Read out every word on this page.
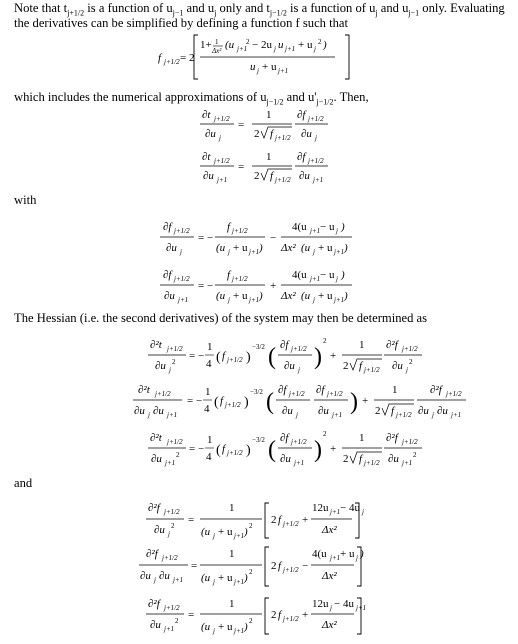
Note that $t_{j+1/2}$ is a function of $u_{j-1}$ and $u_j$ only and $t_{j-1/2}$ is a function of $u_j$ and $u_{j-1}$ only. Evaluating
the derivatives can be simplified by defining a function f such that
f j+1/2 = 2
1+ 1
Δx² (u j+1
2 − 2u j u j+1 + u j
2 )
u j + u j+1
which includes the numerical approximations of $u_{j-1/2}$ and $u'_{j-1/2}$. Then,
∂t j+1/2
∂u j
=
1
2 f j+1/2
∂f j+1/2
∂u j
∂t j+1/2
∂u j+1
=
1
2 f j+1/2
∂f j+1/2
∂u j+1
with
∂f j+1/2
∂u j
= −
f j+1/2
(u j + u j+1 )
−
4(u j+1 − u j )
Δx² (u j + u j+1 )
∂f j+1/2
∂u j+1
= −
f j+1/2
(u j + u j+1 )
+
4(u j+1 − u j )
Δx² (u j + u j+1 )
The Hessian (i.e. the second derivatives) of the system may then be determined as
∂²t j+1/2
∂u j
2 = −
1
4 ( f j+1/2 )
−3/2 ( ∂f j+1/2
∂u j )
2
+
1
2 f j+1/2
∂²f j+1/2
∂u j
2
∂²t j+1/2
∂u j ∂u j+1
= −
1
4 ( f j+1/2 )
−3/2 ( ∂f j+1/2
∂u j
∂f j+1/2
∂u j+1 ) +
1
2 f j+1/2
∂²f j+1/2
∂u j ∂u j+1
∂²t j+1/2
∂u j+1
2 = −
1
4 ( f j+1/2 )
−3/2 ( ∂f j+1/2
∂u j+1 )
2
+
1
2 f j+1/2
∂²f j+1/2
∂u j+1
2
and
∂²f j+1/2
∂u j
2 =
1
(u j + u j+1 ) 2 2 f j+1/2 +
12u j+1 − 4u j
Δx²
∂²f j+1/2
∂u j ∂u j+1
=
1
(u j + u j+1 ) 2 2 f j+1/2 −
4(u j+1 + u j )
Δx²
∂²f j+1/2
∂u j+1
2 =
1
(u j + u j+1 ) 2 2 f j+1/2 +
12u j − 4u j+1
Δx²
